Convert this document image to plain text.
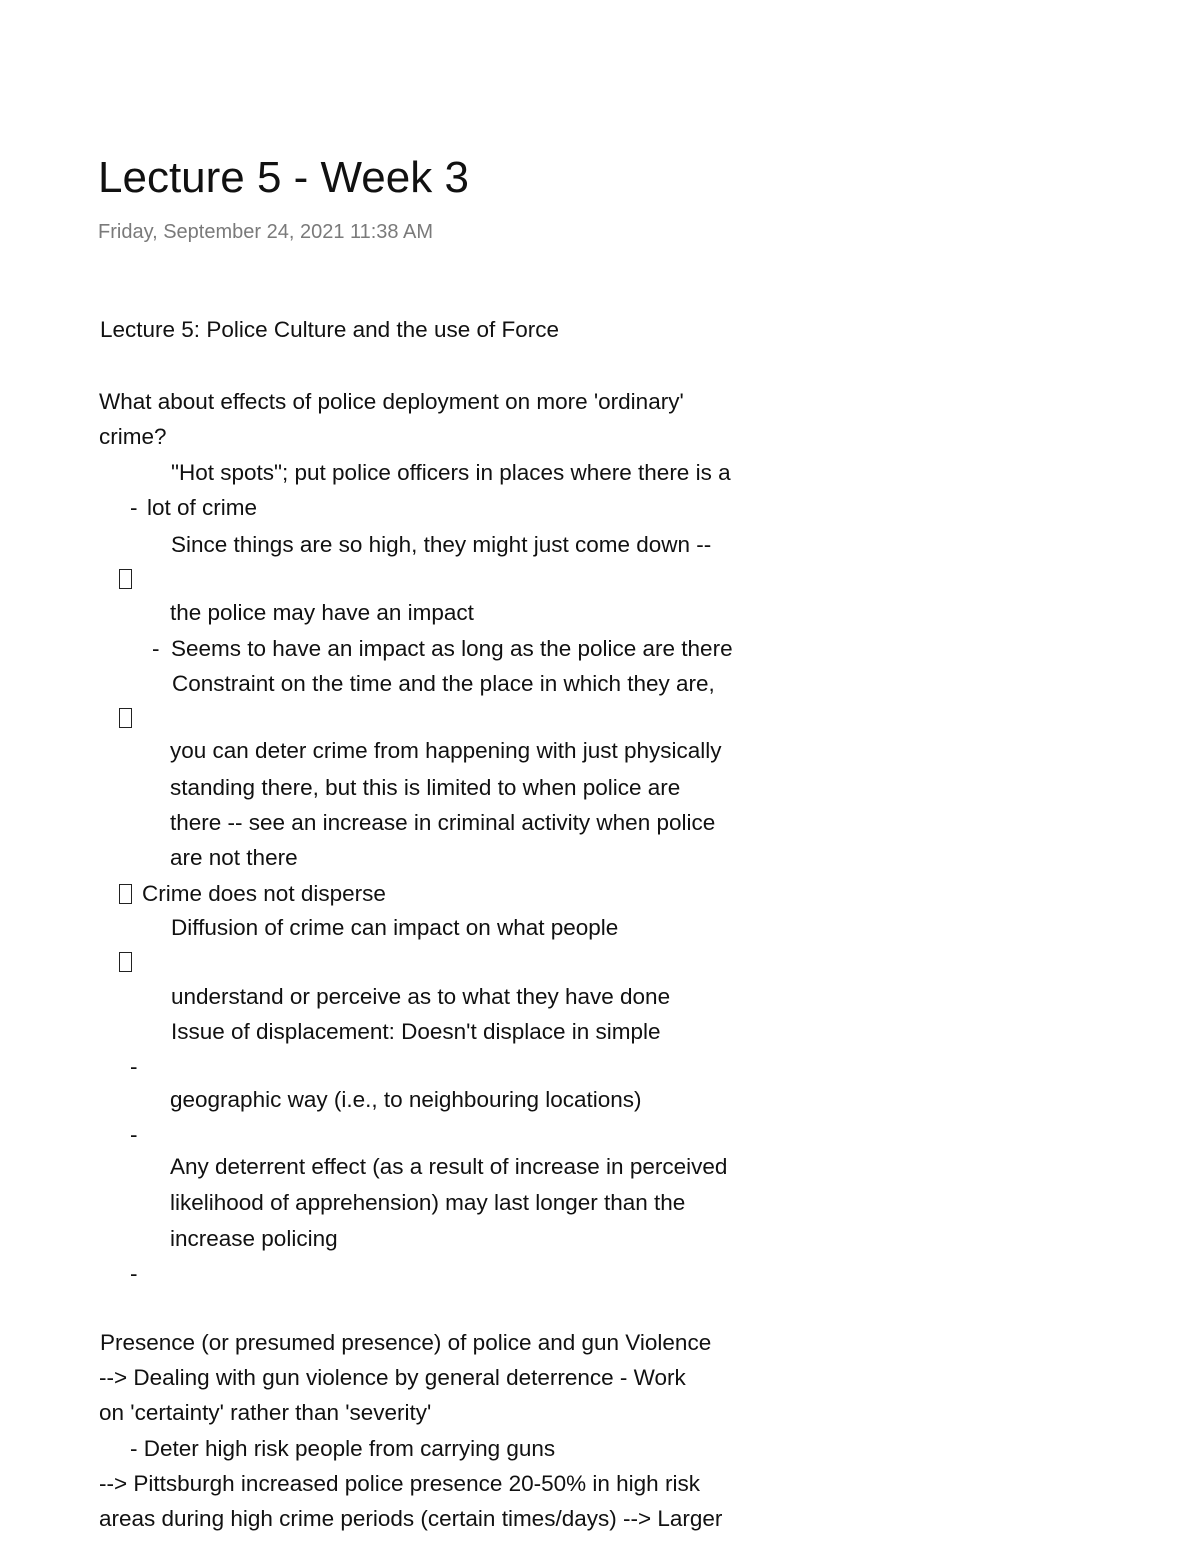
Lecture 5 - Week 3
Friday, September 24, 2021 11:38 AM
Lecture 5: Police Culture and the use of Force
What about effects of police deployment on more 'ordinary'
crime?
"Hot spots"; put police officers in places where there is a
- lot of crime
Since things are so high, they might just come down --
the police may have an impact
- Seems to have an impact as long as the police are there
Constraint on the time and the place in which they are,
you can deter crime from happening with just physically
standing there, but this is limited to when police are
there -- see an increase in criminal activity when police
are not there
Crime does not disperse
Diffusion of crime can impact on what people
understand or perceive as to what they have done
Issue of displacement: Doesn't displace in simple
-
geographic way (i.e., to neighbouring locations)
-
Any deterrent effect (as a result of increase in perceived
likelihood of apprehension) may last longer than the
increase policing
-
Presence (or presumed presence) of police and gun Violence
--> Dealing with gun violence by general deterrence - Work
on 'certainty' rather than 'severity'
- Deter high risk people from carrying guns
--> Pittsburgh increased police presence 20-50% in high risk
areas during high crime periods (certain times/days) --> Larger
